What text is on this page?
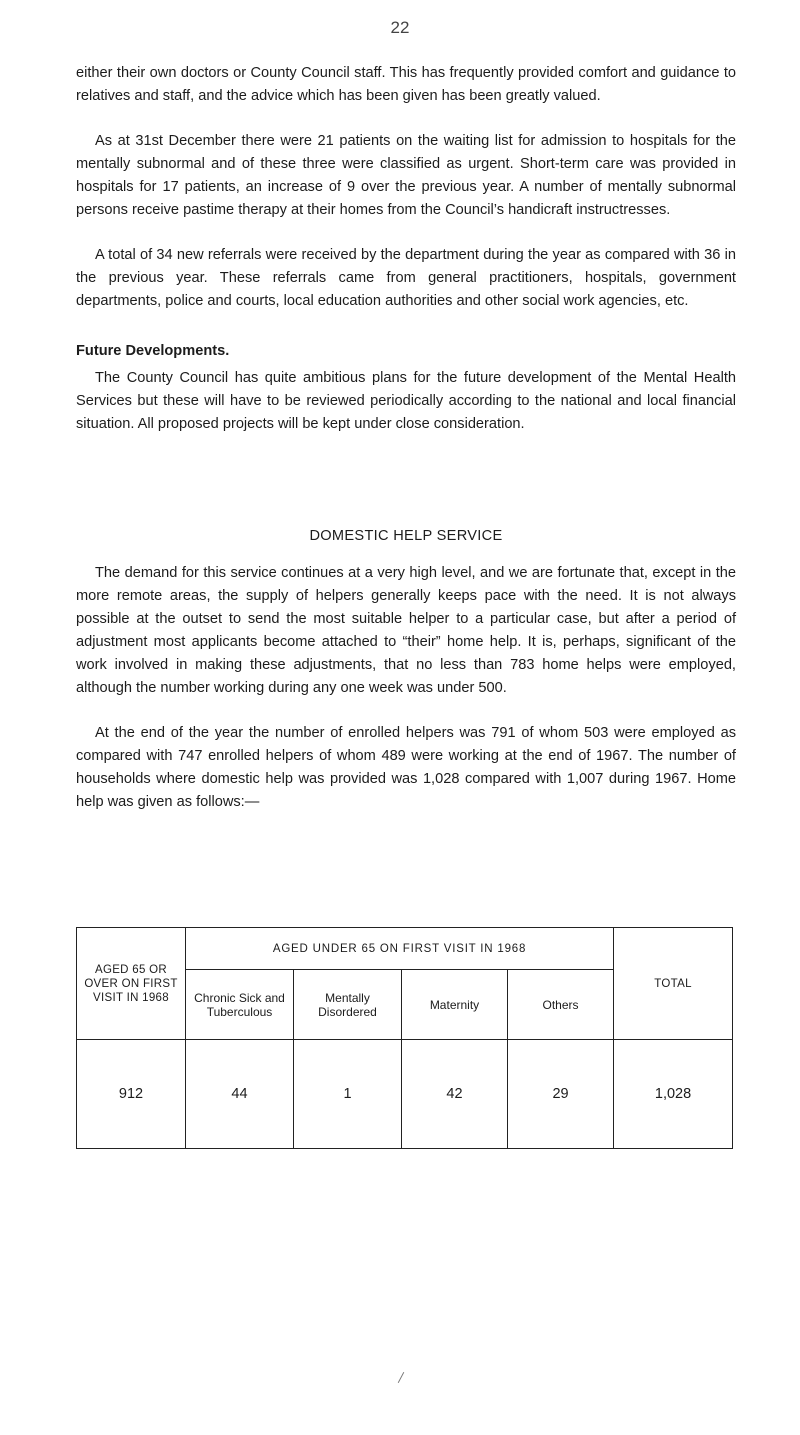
22

either their own doctors or County Council staff. This has frequently provided comfort and guidance to relatives and staff, and the advice which has been given has been greatly valued.

As at 31st December there were 21 patients on the waiting list for admission to hospitals for the mentally subnormal and of these three were classified as urgent. Short-term care was provided in hospitals for 17 patients, an increase of 9 over the previous year. A number of mentally subnormal persons receive pastime therapy at their homes from the Council’s handicraft instructresses.

A total of 34 new referrals were received by the department during the year as compared with 36 in the previous year. These referrals came from general practitioners, hospitals, government departments, police and courts, local education authorities and other social work agencies, etc.

Future Developments.

The County Council has quite ambitious plans for the future development of the Mental Health Services but these will have to be reviewed periodically according to the national and local financial situation. All proposed projects will be kept under close consideration.

DOMESTIC HELP SERVICE

The demand for this service continues at a very high level, and we are fortunate that, except in the more remote areas, the supply of helpers generally keeps pace with the need. It is not always possible at the outset to send the most suitable helper to a particular case, but after a period of adjustment most applicants become attached to “their” home help. It is, perhaps, significant of the work involved in making these adjustments, that no less than 783 home helps were employed, although the number working during any one week was under 500.

At the end of the year the number of enrolled helpers was 791 of whom 503 were employed as compared with 747 enrolled helpers of whom 489 were working at the end of 1967. The number of households where domestic help was provided was 1,028 compared with 1,007 during 1967. Home help was given as follows:—

AGED 65 OR OVER ON FIRST VISIT IN 1968	AGED UNDER 65 ON FIRST VISIT IN 1968				TOTAL
	Chronic Sick and Tuberculous	Mentally Disordered	Maternity	Others	
912	44	1	42	29	1,028
